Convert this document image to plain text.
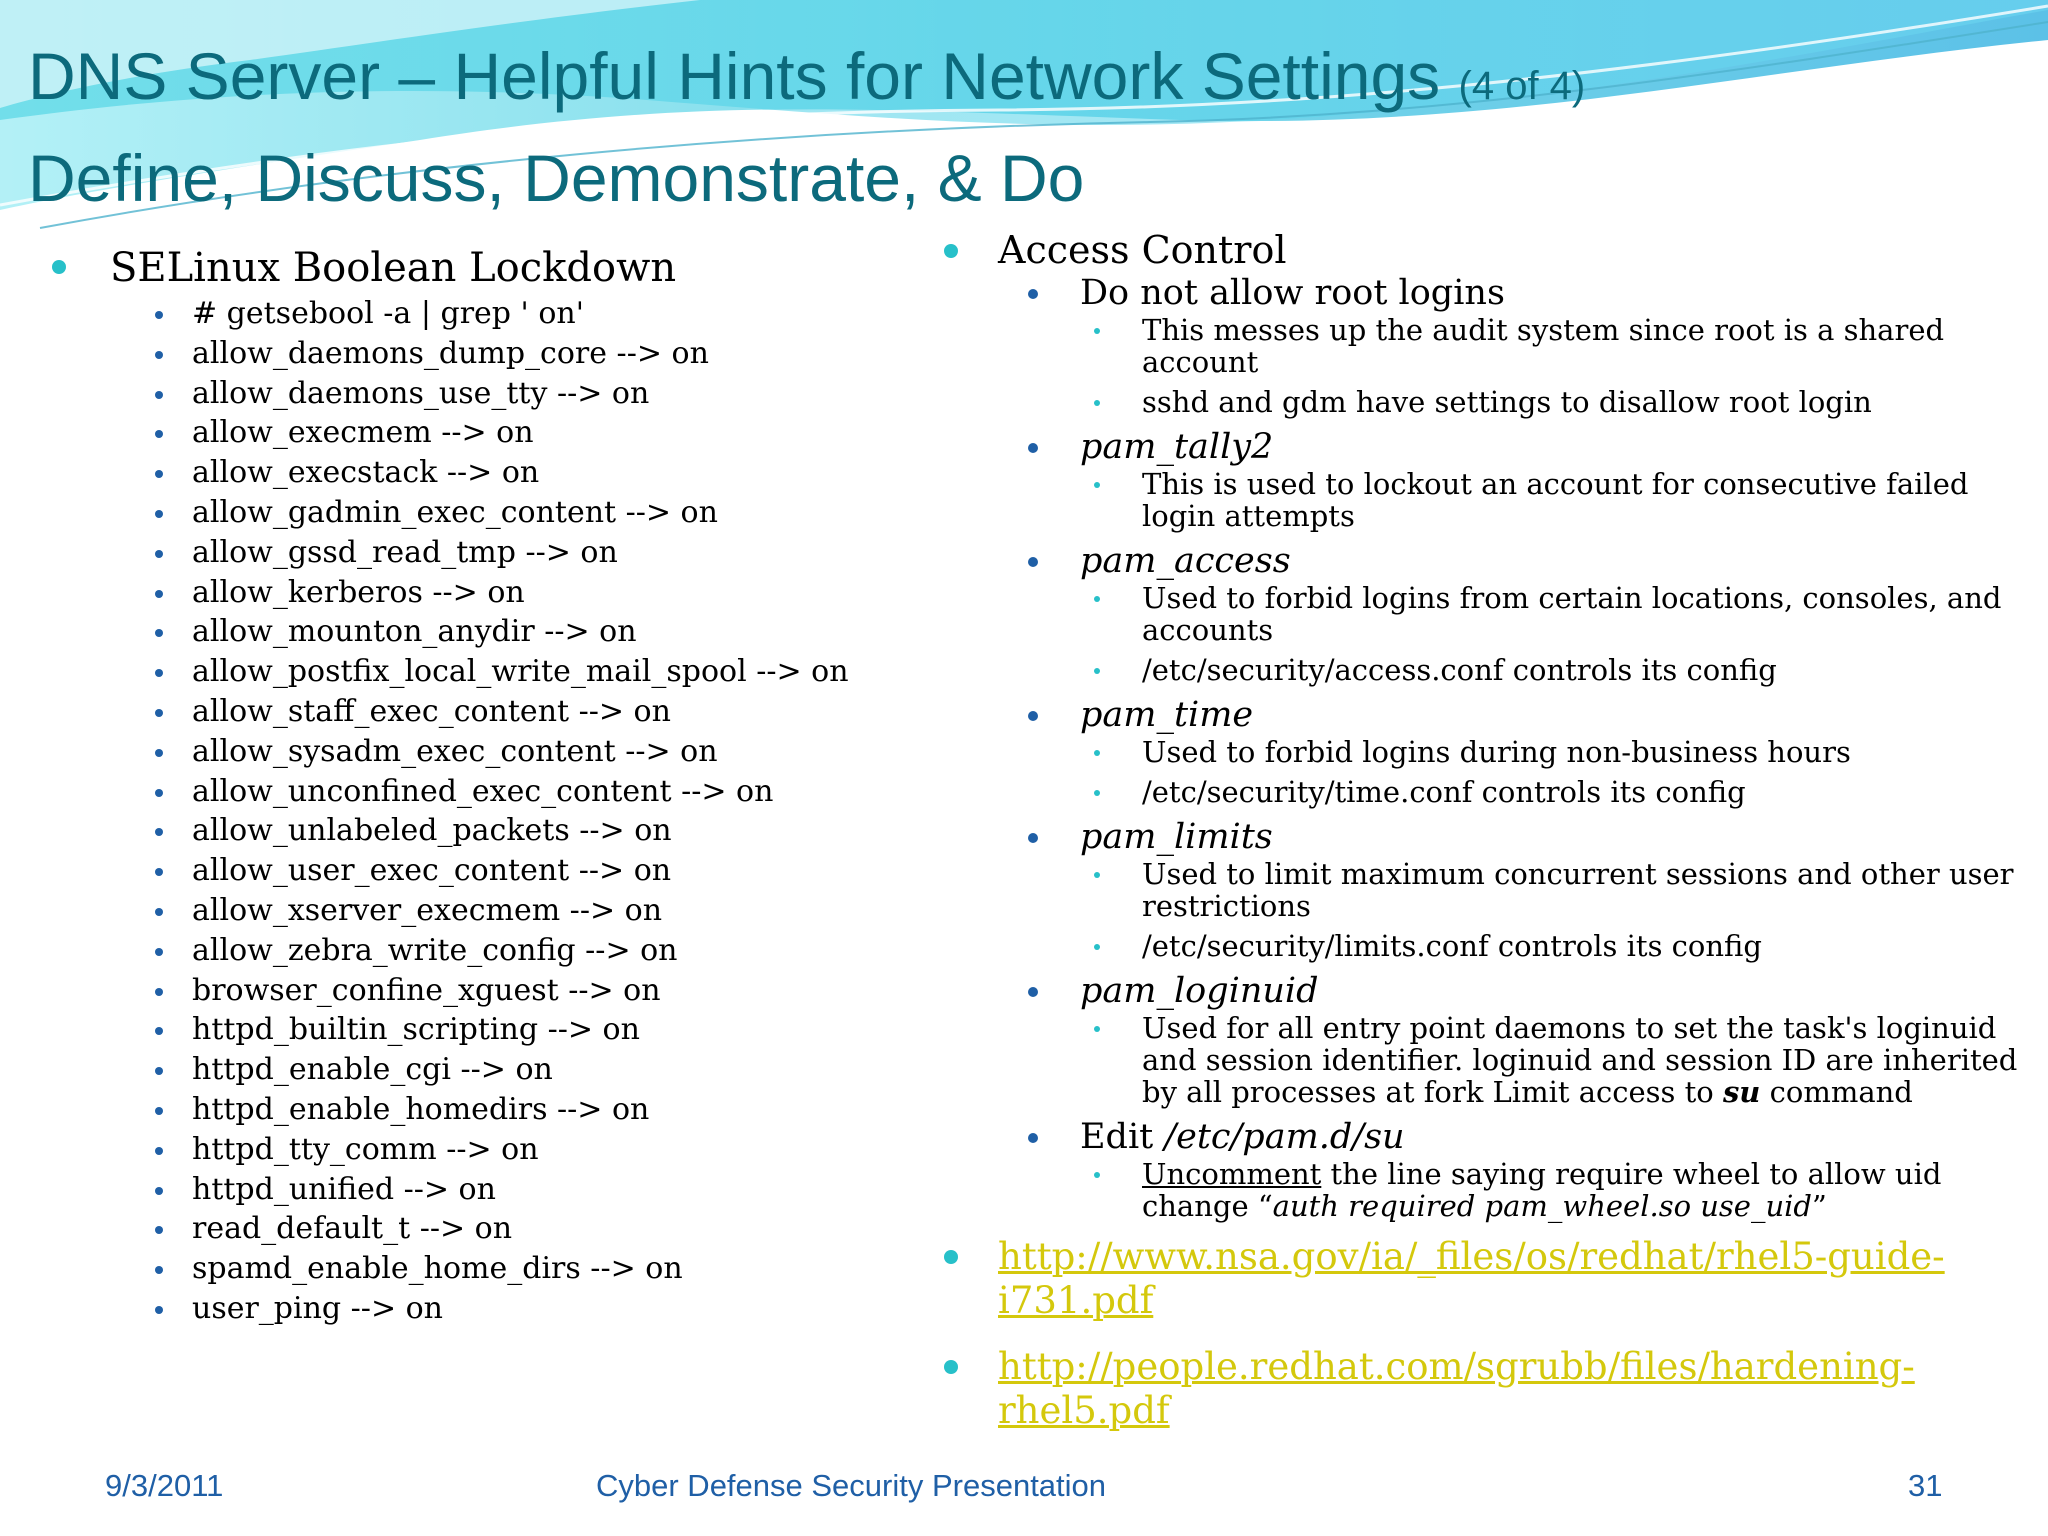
DNS Server – Helpful Hints for Network Settings (4 of 4)
Define, Discuss, Demonstrate, & Do
SELinux Boolean Lockdown
# getsebool -a | grep ' on'
allow_daemons_dump_core --> on
allow_daemons_use_tty --> on
allow_execmem --> on
allow_execstack --> on
allow_gadmin_exec_content --> on
allow_gssd_read_tmp --> on
allow_kerberos --> on
allow_mounton_anydir --> on
allow_postfix_local_write_mail_spool --> on
allow_staff_exec_content --> on
allow_sysadm_exec_content --> on
allow_unconfined_exec_content --> on
allow_unlabeled_packets --> on
allow_user_exec_content --> on
allow_xserver_execmem --> on
allow_zebra_write_config --> on
browser_confine_xguest --> on
httpd_builtin_scripting --> on
httpd_enable_cgi --> on
httpd_enable_homedirs --> on
httpd_tty_comm --> on
httpd_unified --> on
read_default_t --> on
spamd_enable_home_dirs --> on
user_ping --> on
Access Control
Do not allow root logins
This messes up the audit system since root is a shared account
sshd and gdm have settings to disallow root login
pam_tally2
This is used to lockout an account for consecutive failed login attempts
pam_access
Used to forbid logins from certain locations, consoles, and accounts
/etc/security/access.conf controls its config
pam_time
Used to forbid logins during non-business hours
/etc/security/time.conf controls its config
pam_limits
Used to limit maximum concurrent sessions and other user restrictions
/etc/security/limits.conf controls its config
pam_loginuid
Used for all entry point daemons to set the task's loginuid and session identifier. loginuid and session ID are inherited by all processes at fork Limit access to su command
Edit /etc/pam.d/su
Uncomment the line saying require wheel to allow uid change “auth required pam_wheel.so use_uid”
http://www.nsa.gov/ia/_files/os/redhat/rhel5-guide-i731.pdf
http://people.redhat.com/sgrubb/files/hardening-rhel5.pdf
9/3/2011	Cyber Defense Security Presentation	31
